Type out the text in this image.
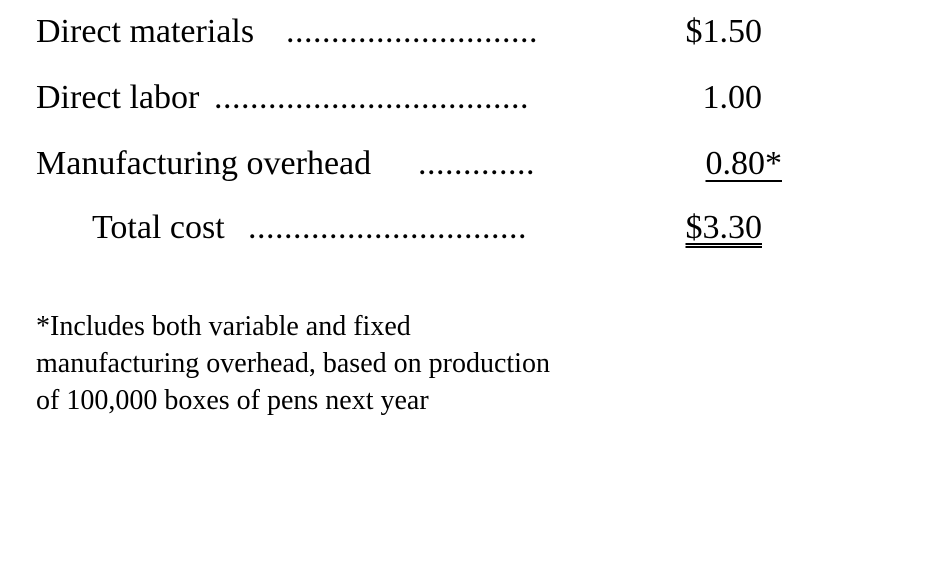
Direct materials ............................	$1.50
Direct labor ...................................	1.00
Manufacturing overhead .............	0.80*
Total cost ...............................	$3.30
*Includes both variable and fixed manufacturing overhead, based on production of 100,000 boxes of pens next year
